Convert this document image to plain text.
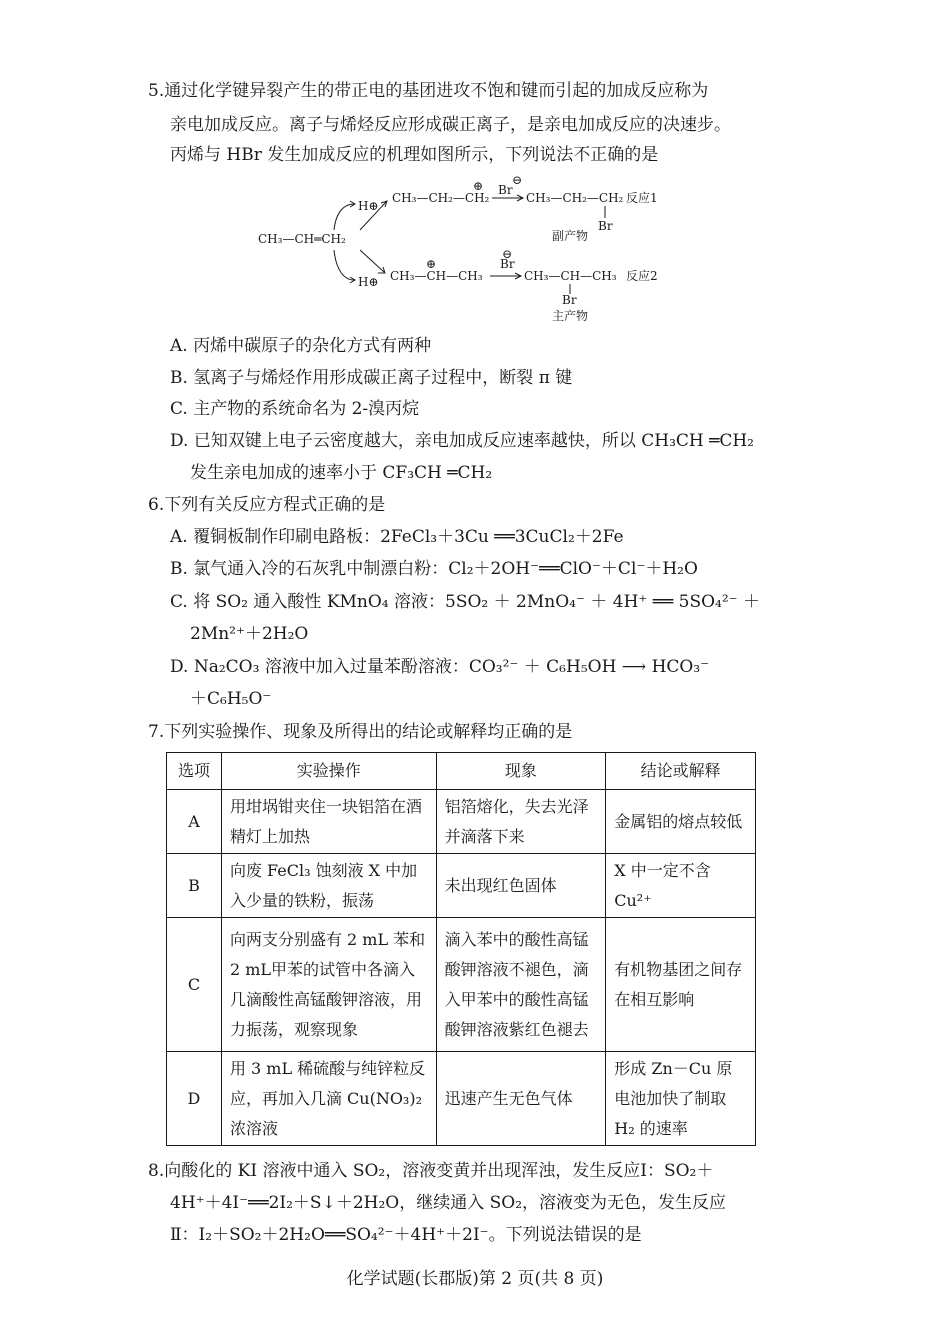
5.通过化学键异裂产生的带正电的基团进攻不饱和键而引起的加成反应称为
亲电加成反应。离子与烯烃反应形成碳正离子，是亲电加成反应的决速步。
丙烯与 HBr 发生加成反应的机理如图所示，下列说法不正确的是
CH₃—CH═CH₂
H⊕
H⊕
⊕
CH₃—CH₂—CH₂
Br
⊖
CH₃—CH₂—CH₂
Br
反应1
副产物
⊕
CH₃—CH—CH₃
Br
⊖
CH₃—CH—CH₃
Br
反应2
主产物
A. 丙烯中碳原子的杂化方式有两种
B. 氢离子与烯烃作用形成碳正离子过程中，断裂 π 键
C. 主产物的系统命名为 2-溴丙烷
D. 已知双键上电子云密度越大，亲电加成反应速率越快，所以 CH₃CH ═CH₂
发生亲电加成的速率小于 CF₃CH ═CH₂
6.下列有关反应方程式正确的是
A. 覆铜板制作印刷电路板：2FeCl₃＋3Cu ══3CuCl₂＋2Fe
B. 氯气通入冷的石灰乳中制漂白粉：Cl₂＋2OH⁻══ClO⁻＋Cl⁻＋H₂O
C. 将 SO₂ 通入酸性 KMnO₄ 溶液：5SO₂ ＋ 2MnO₄⁻ ＋ 4H⁺ ══ 5SO₄²⁻ ＋
2Mn²⁺＋2H₂O
D. Na₂CO₃ 溶液中加入过量苯酚溶液：CO₃²⁻ ＋ C₆H₅OH ⟶ HCO₃⁻
＋C₆H₅O⁻
7.下列实验操作、现象及所得出的结论或解释均正确的是
选项	实验操作	现象	结论或解释
A	用坩埚钳夹住一块铝箔在酒精灯上加热	铝箔熔化，失去光泽并滴落下来	金属铝的熔点较低
B	向废 FeCl₃ 蚀刻液 X 中加入少量的铁粉，振荡	未出现红色固体	X 中一定不含 Cu²⁺
C	向两支分别盛有 2 mL 苯和 2 mL甲苯的试管中各滴入几滴酸性高锰酸钾溶液，用力振荡，观察现象	滴入苯中的酸性高锰酸钾溶液不褪色，滴入甲苯中的酸性高锰酸钾溶液紫红色褪去	有机物基团之间存在相互影响
D	用 3 mL 稀硫酸与纯锌粒反应，再加入几滴 Cu(NO₃)₂ 浓溶液	迅速产生无色气体	形成 Zn－Cu 原电池加快了制取 H₂ 的速率
8.向酸化的 KI 溶液中通入 SO₂，溶液变黄并出现浑浊，发生反应Ⅰ：SO₂＋
4H⁺＋4I⁻══2I₂＋S↓＋2H₂O，继续通入 SO₂，溶液变为无色，发生反应
Ⅱ：I₂＋SO₂＋2H₂O══SO₄²⁻＋4H⁺＋2I⁻。下列说法错误的是
化学试题(长郡版)第 2 页(共 8 页)
